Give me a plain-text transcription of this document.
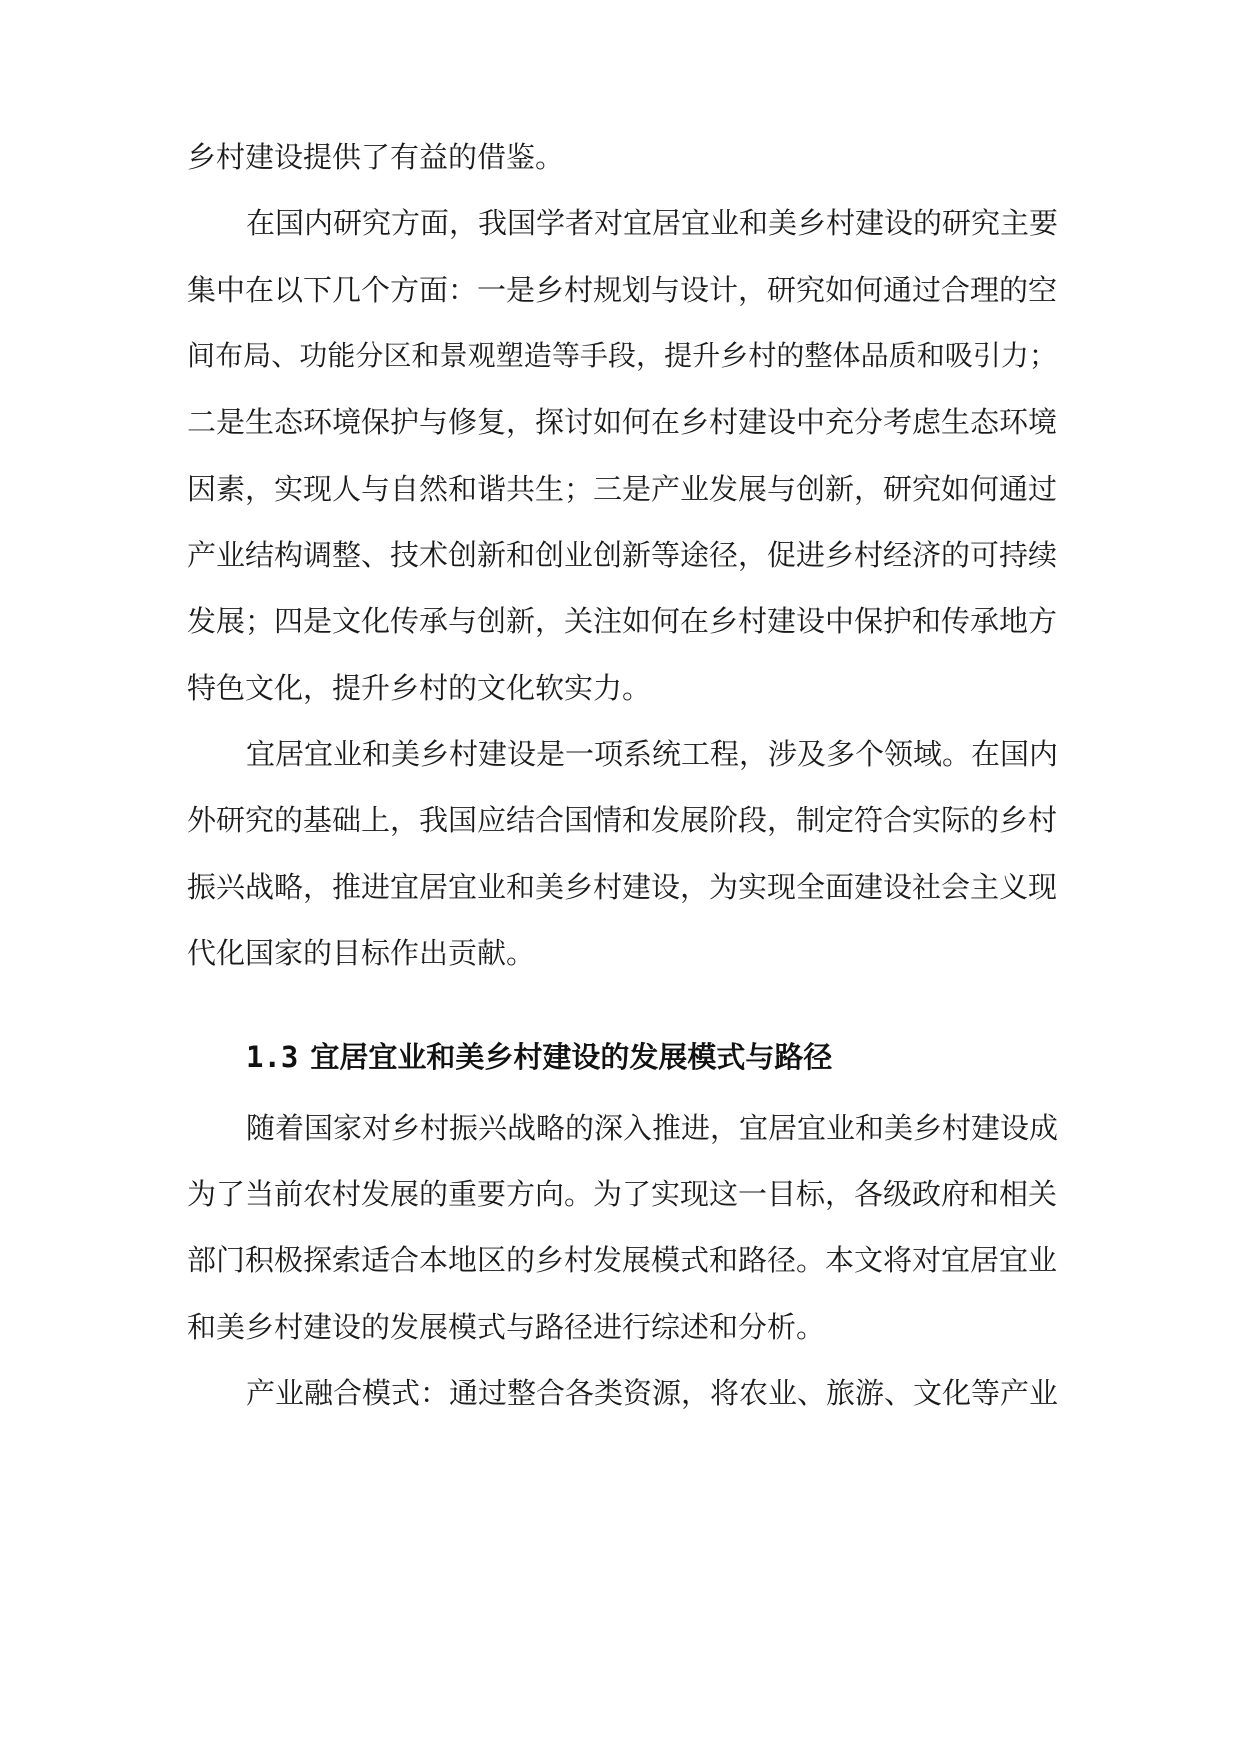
乡村建设提供了有益的借鉴。
在国内研究方面，我国学者对宜居宜业和美乡村建设的研究主要
集中在以下几个方面：一是乡村规划与设计，研究如何通过合理的空
间布局、功能分区和景观塑造等手段，提升乡村的整体品质和吸引力；
二是生态环境保护与修复，探讨如何在乡村建设中充分考虑生态环境
因素，实现人与自然和谐共生；三是产业发展与创新，研究如何通过
产业结构调整、技术创新和创业创新等途径，促进乡村经济的可持续
发展；四是文化传承与创新，关注如何在乡村建设中保护和传承地方
特色文化，提升乡村的文化软实力。
宜居宜业和美乡村建设是一项系统工程，涉及多个领域。在国内
外研究的基础上，我国应结合国情和发展阶段，制定符合实际的乡村
振兴战略，推进宜居宜业和美乡村建设，为实现全面建设社会主义现
代化国家的目标作出贡献。
1.3 宜居宜业和美乡村建设的发展模式与路径
随着国家对乡村振兴战略的深入推进，宜居宜业和美乡村建设成
为了当前农村发展的重要方向。为了实现这一目标，各级政府和相关
部门积极探索适合本地区的乡村发展模式和路径。本文将对宜居宜业
和美乡村建设的发展模式与路径进行综述和分析。
产业融合模式：通过整合各类资源，将农业、旅游、文化等产业
